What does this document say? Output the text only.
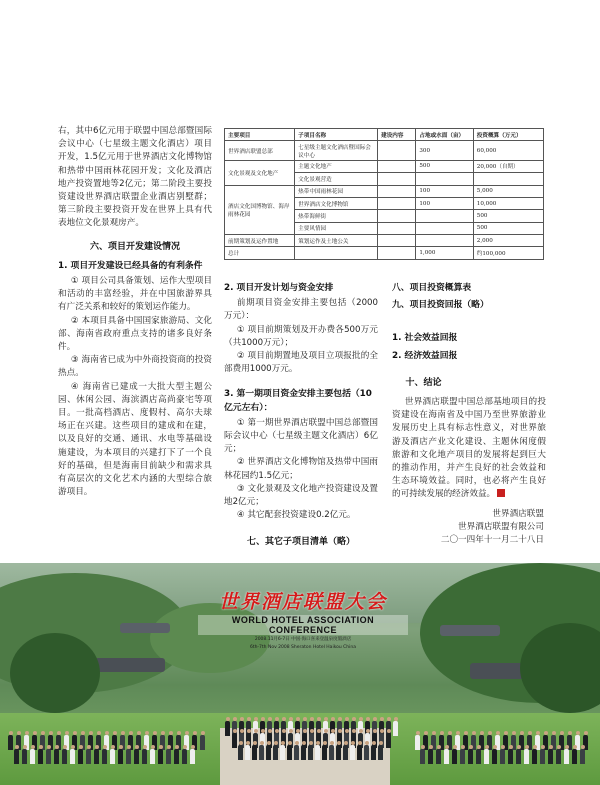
右，其中6亿元用于联盟中国总部暨国际会议中心（七星级主题文化酒店）项目开发，1.5亿元用于世界酒店文化博物馆和热带中国雨林花园开发；文化及酒店地产投资置地等2亿元；第二阶段主要投资建设世界酒店联盟企业酒店别墅群；第三阶段主要投资开发在世界上具有代表地位文化景观房产。

六、项目开发建设情况
1. 项目开发建设已经具备的有利条件

① 项目公司具备策划、运作大型项目和活动的丰富经验，并在中国旅游界具有广泛关系和较好的策划运作能力。

② 本项目具备中国国家旅游局、文化部、海南省政府重点支持的诸多良好条件。

③ 海南省已成为中外商投资商的投资热点。

④ 海南省已建成一大批大型主题公园、休闲公园、海滨酒店高尚豪宅等项目。一批高档酒店、度假村、高尔夫球场正在兴建。这些项目的建成和在建，以及良好的交通、通讯、水电等基础设施建设，为本项目的兴建打下了一个良好的基础，但是海南目前缺少和需求具有高层次的文化艺术内涵的大型综合旅游项目。

主要项目	子项目名称	建设内容	占地或水面（亩）	投资概算（万元）
世界酒店联盟总部	七星级主题文化酒店暨国际会议中心		300	60,000
文化景观及文化地产	主题文化地产		500	20,000（自期）
	文化景观营造			
酒店文化国博物馆、海岸雨林花园	热带中国雨林花园		100	5,000
	世界酒店文化博物馆		100	10,000
	热带海鲜街			500
	主要风情园			500
前期策划及运作置地	策划运作及土地公关			2,000
总计			1,000	约100,000
2. 项目开发计划与资金安排

前期项目资金安排主要包括（2000万元）：

① 项目前期策划及开办费各500万元（共1000万元）；

② 项目前期置地及项目立项报批的全部费用1000万元。

3. 第一期项目资金安排主要包括（10亿元左右）：

① 第一期世界酒店联盟中国总部暨国际会议中心（七星级主题文化酒店）6亿元；

② 世界酒店文化博物馆及热带中国雨林花园约1.5亿元；

③ 文化景观及文化地产投资建设及置地2亿元；

④ 其它配套投资建设0.2亿元。

七、其它子项目清单（略）
八、项目投资概算表
九、项目投资回报（略）
1. 社会效益回报
2. 经济效益回报
十、结论

世界酒店联盟中国总部基地项目的投资建设在海南省及中国乃至世界旅游业发展历史上具有标志性意义，对世界旅游及酒店产业文化建设、主题休闲度假旅游和文化地产项目的发展将起到巨大的推动作用，并产生良好的社会效益和生态环境效益。同时，也必将产生良好的可持续发展的经济效益。

世界酒店联盟
世界酒店联盟有限公司
二〇一四年十一月二十八日
世界酒店联盟大会
WORLD HOTEL ASSOCIATION CONFERENCE
2008.11月6-7日 中国·海口喜来登温泉度假酒店
6th-7th Nov 2008 Sheraton Hotel Haikou China
